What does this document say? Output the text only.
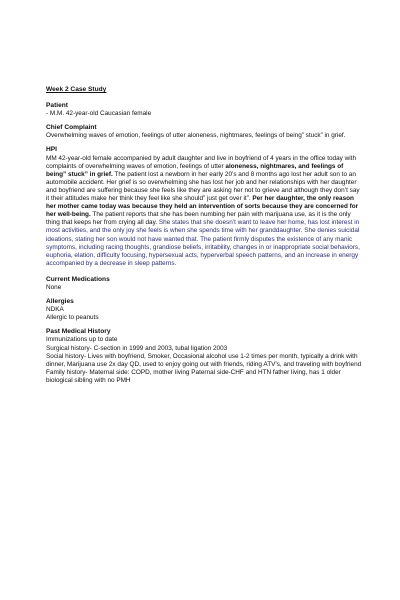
Week 2 Case Study

Patient

- M.M. 42-year-old Caucasian female

Chief Complaint

Overwhelming waves of emotion, feelings of utter aloneness, nightmares, feelings of being” stuck” in grief.

HPI

MM 42-year-old female accompanied by adult daughter and live in boyfriend of 4 years in the office today with complaints of overwhelming waves of emotion, feelings of utter aloneness, nightmares, and feelings of being” stuck” in grief. The patient lost a newborn in her early 20’s and 8 months ago lost her adult son to an automobile accident. Her grief is so overwhelming she has lost her job and her relationships with her daughter and boyfriend are suffering because she feels like they are asking her not to grieve and although they don’t say it their attitudes make her think they feel like she should” just get over it”. Per her daughter, the only reason her mother came today was because they held an intervention of sorts because they are concerned for her well-being. The patient reports that she has been numbing her pain with marijuana use, as it is the only thing that keeps her from crying all day. She states that she doesn’t want to leave her home, has lost interest in most activities, and the only joy she feels is when she spends time with her granddaughter. She denies suicidal ideations, stating her son would not have wanted that. The patient firmly disputes the existence of any manic symptoms, including racing thoughts, grandiose beliefs, irritability, changes in or inappropriate social behaviors, euphoria, elation, difficulty focusing, hypersexual acts, hyperverbal speech patterns, and an increase in energy accompanied by a decrease in sleep patterns.

Current Medications

None

Allergies

NDKA

Allergic to peanuts

Past Medical History

Immunizations up to date

Surgical history- C-section in 1999 and 2003, tubal ligation 2003

Social history- Lives with boyfriend, Smoker, Occasional alcohol use 1-2 times per month, typically a drink with dinner, Marijuana use 2x day QD, used to enjoy going out with friends, riding ATV’s, and traveling with boyfriend

Family history- Maternal side: COPD, mother living Paternal side-CHF and HTN father living, has 1 older biological sibling with no PMH
